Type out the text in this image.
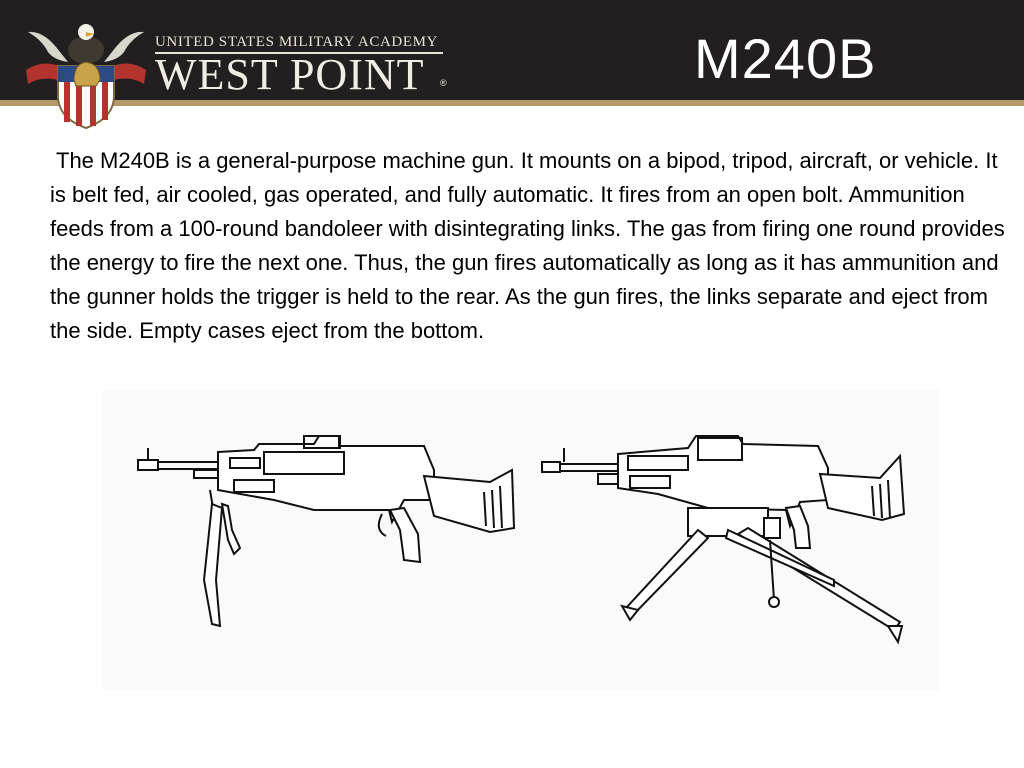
UNITED STATES MILITARY ACADEMY
WEST POINT ®	M240B

The M240B is a general-purpose machine gun. It mounts on a bipod, tripod, aircraft, or vehicle. It is belt fed, air cooled, gas operated, and fully automatic. It fires from an open bolt. Ammunition feeds from a 100-round bandoleer with disintegrating links. The gas from firing one round provides the energy to fire the next one. Thus, the gun fires automatically as long as it has ammunition and the gunner holds the trigger is held to the rear. As the gun fires, the links separate and eject from the side. Empty cases eject from the bottom.
